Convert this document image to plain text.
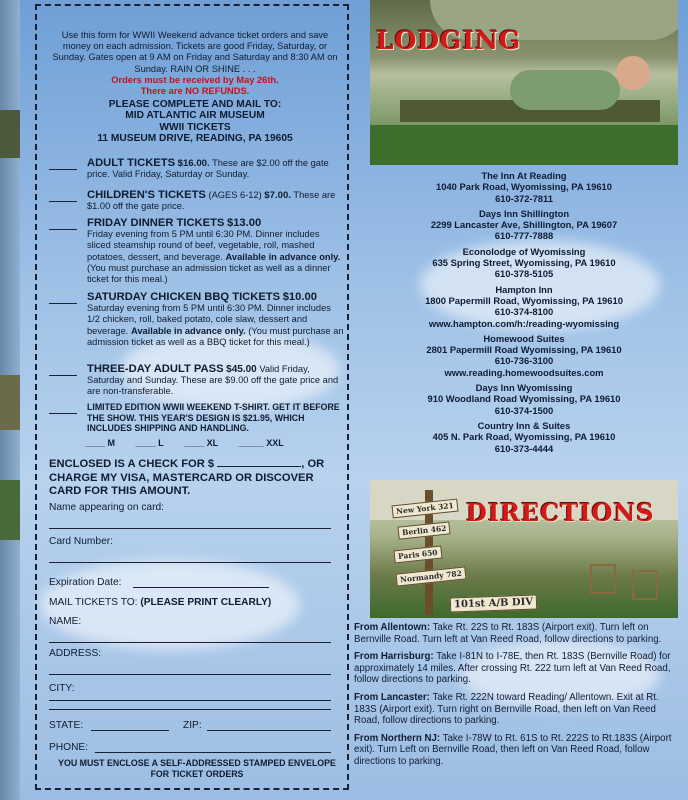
Use this form for WWII Weekend advance ticket orders and save money on each admission. Tickets are good Friday, Saturday, or Sunday. Gates open at 9 AM on Friday and Saturday and 8:30 AM on Sunday. RAIN OR SHINE . . .
Orders must be received by May 26th.
There are NO REFUNDS.
PLEASE COMPLETE AND MAIL TO:
MID ATLANTIC AIR MUSEUM
WWII TICKETS
11 MUSEUM DRIVE, READING, PA 19605
ADULT TICKETS $16.00. These are $2.00 off the gate price. Valid Friday, Saturday or Sunday.
CHILDREN'S TICKETS (AGES 6-12) $7.00. These are $1.00 off the gate price.
FRIDAY DINNER TICKETS $13.00
Friday evening from 5 PM until 6:30 PM. Dinner includes sliced steamship round of beef, vegetable, roll, mashed potatoes, dessert, and beverage. Available in advance only. (You must purchase an admission ticket as well as a dinner ticket for this meal.)
SATURDAY CHICKEN BBQ TICKETS $10.00
Saturday evening from 5 PM until 6:30 PM. Dinner includes 1/2 chicken, roll, baked potato, cole slaw, dessert and beverage. Available in advance only. (You must purchase an admission ticket as well as a BBQ ticket for this meal.)
THREE-DAY ADULT PASS $45.00 Valid Friday, Saturday and Sunday. These are $9.00 off the gate price and are non-transferable.
LIMITED EDITION WWII WEEKEND T-SHIRT. GET IT BEFORE THE SHOW. THIS YEAR'S DESIGN IS $21.95, WHICH INCLUDES SHIPPING AND HANDLING.
____ M ____ L ____ XL _____ XXL
ENCLOSED IS A CHECK FOR $	, OR CHARGE MY VISA, MASTERCARD OR DISCOVER CARD FOR THIS AMOUNT.
Name appearing on card:
Card Number:
Expiration Date:
MAIL TICKETS TO: (PLEASE PRINT CLEARLY)
NAME:
ADDRESS:
CITY:
STATE:	ZIP:
PHONE:
YOU MUST ENCLOSE A SELF-ADDRESSED STAMPED ENVELOPE FOR TICKET ORDERS
LODGING
The Inn At Reading
1040 Park Road, Wyomissing, PA 19610
610-372-7811
Days Inn Shillington
2299 Lancaster Ave, Shillington, PA 19607
610-777-7888
Econolodge of Wyomissing
635 Spring Street, Wyomissing, PA 19610
610-378-5105
Hampton Inn
1800 Papermill Road, Wyomissing, PA 19610
610-374-8100
www.hampton.com/h:/reading-wyomissing
Homewood Suites
2801 Papermill Road Wyomissing, PA 19610
610-736-3100
www.reading.homewoodsuites.com
Days Inn Wyomissing
910 Woodland Road Wyomissing, PA 19610
610-374-1500
Country Inn & Suites
405 N. Park Road, Wyomissing, PA 19610
610-373-4444
New York 321
Berlin 462
Paris 650
Normandy 782
101st A/B DIV
DIRECTIONS

From Allentown: Take Rt. 22S to Rt. 183S (Airport exit). Turn left on Bernville Road. Turn left at Van Reed Road, follow directions to parking.

From Harrisburg: Take I-81N to I-78E, then Rt. 183S (Bernville Road) for approximately 14 miles. After crossing Rt. 222 turn left at Van Reed Road, follow directions to parking.

From Lancaster: Take Rt. 222N toward Reading/ Allentown. Exit at Rt. 183S (Airport exit). Turn right on Bernville Road, then left on Van Reed Road, follow directions to parking.

From Northern NJ: Take I-78W to Rt. 61S to Rt. 222S to Rt.183S (Airport exit). Turn Left on Bernville Road, then left on Van Reed Road, follow directions to parking.
